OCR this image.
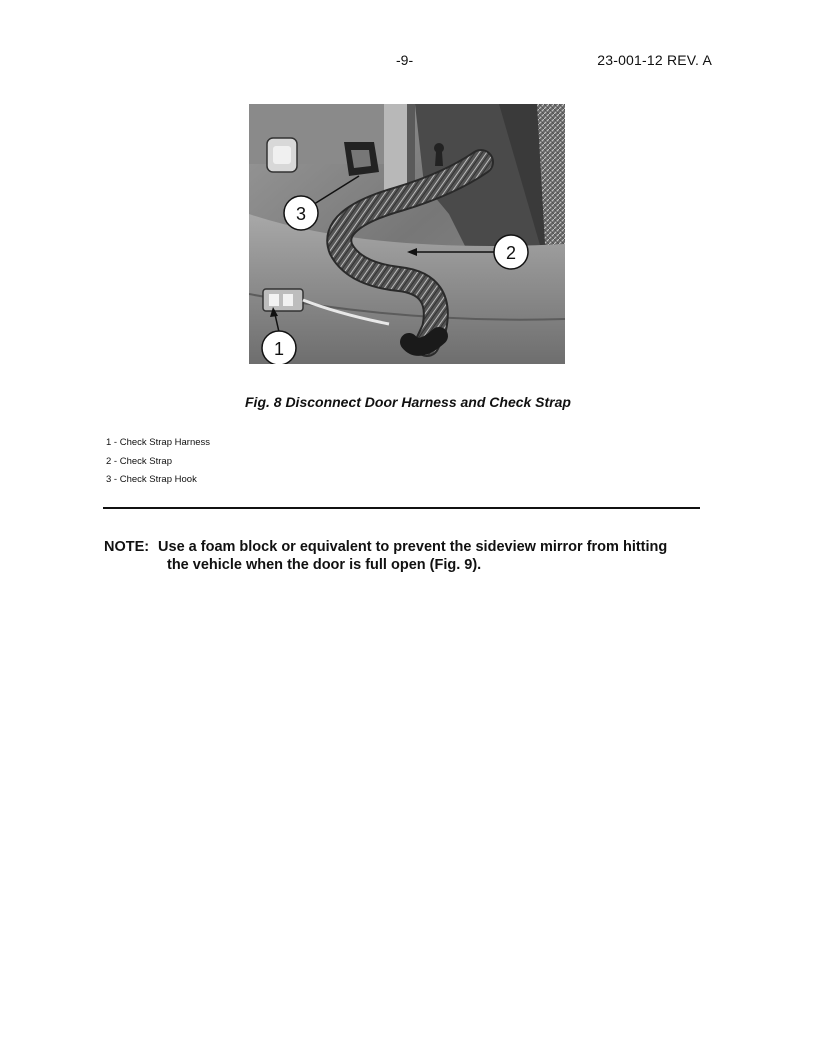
-9-	23-001-12 REV. A
3
2
1
Fig. 8 Disconnect Door Harness and Check Strap
1 - Check Strap Harness
2 - Check Strap
3 - Check Strap Hook
NOTE: Use a foam block or equivalent to prevent the sideview mirror from hitting
the vehicle when the door is full open (Fig. 9).
